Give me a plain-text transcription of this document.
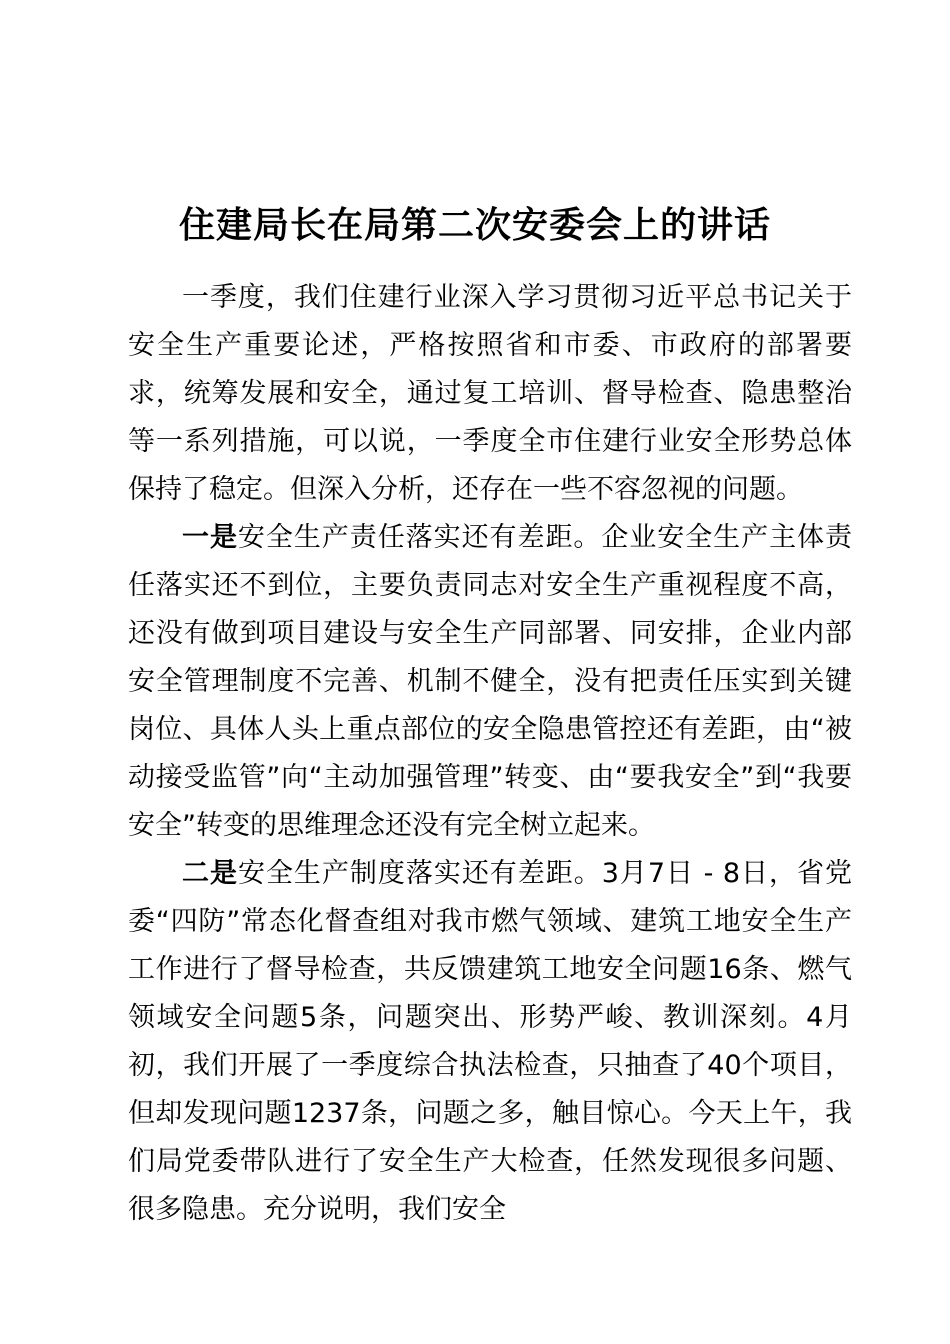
住建局长在局第二次安委会上的讲话

一季度，我们住建行业深入学习贯彻习近平总书记关于安全生产重要论述，严格按照省和市委、市政府的部署要求，统筹发展和安全，通过复工培训、督导检查、隐患整治等一系列措施，可以说，一季度全市住建行业安全形势总体保持了稳定。但深入分析，还存在一些不容忽视的问题。

一是安全生产责任落实还有差距。企业安全生产主体责任落实还不到位，主要负责同志对安全生产重视程度不高，还没有做到项目建设与安全生产同部署、同安排，企业内部安全管理制度不完善、机制不健全，没有把责任压实到关键岗位、具体人头上重点部位的安全隐患管控还有差距，由“被动接受监管”向“主动加强管理”转变、由“要我安全”到“我要安全”转变的思维理念还没有完全树立起来。

二是安全生产制度落实还有差距。3月7日 - 8日，省党委“四防”常态化督查组对我市燃气领域、建筑工地安全生产工作进行了督导检查，共反馈建筑工地安全问题16条、燃气领域安全问题5条，问题突出、形势严峻、教训深刻。4月初，我们开展了一季度综合执法检查，只抽查了40个项目，但却发现问题1237条，问题之多，触目惊心。今天上午，我们局党委带队进行了安全生产大检查，任然发现很多问题、很多隐患。充分说明，我们安全
